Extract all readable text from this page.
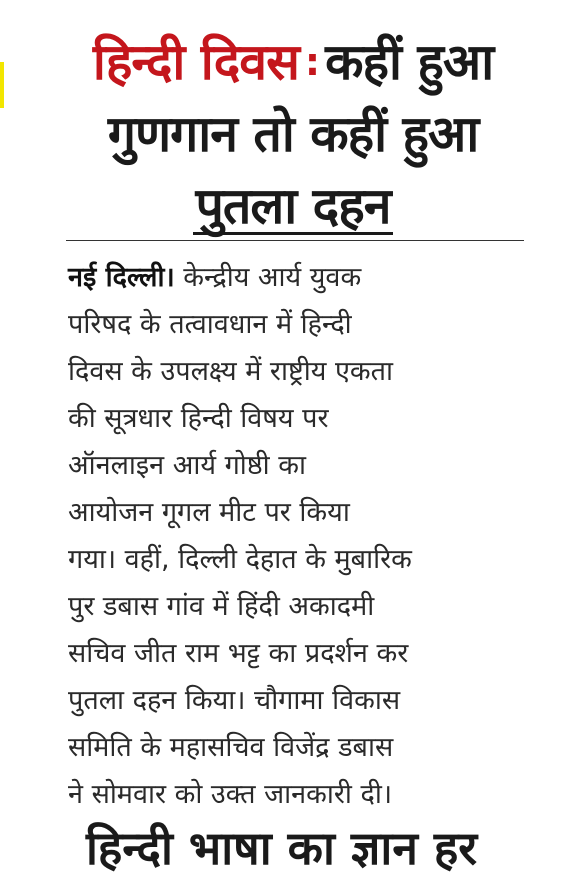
हिन्दी दिवस : कहीं हुआ
गुणगान तो कहीं हुआ
पुतला दहन
नई दिल्ली। केन्द्रीय आर्य युवक
परिषद के तत्वावधान में हिन्दी
दिवस के उपलक्ष्य में राष्ट्रीय एकता
की सूत्रधार हिन्दी विषय पर
ऑनलाइन आर्य गोष्ठी का
आयोजन गूगल मीट पर किया
गया। वहीं, दिल्ली देहात के मुबारिक
पुर डबास गांव में हिंदी अकादमी
सचिव जीत राम भट्ट का प्रदर्शन कर
पुतला दहन किया। चौगामा विकास
समिति के महासचिव विजेंद्र डबास
ने सोमवार को उक्त जानकारी दी।
हिन्दी भाषा का ज्ञान हर
